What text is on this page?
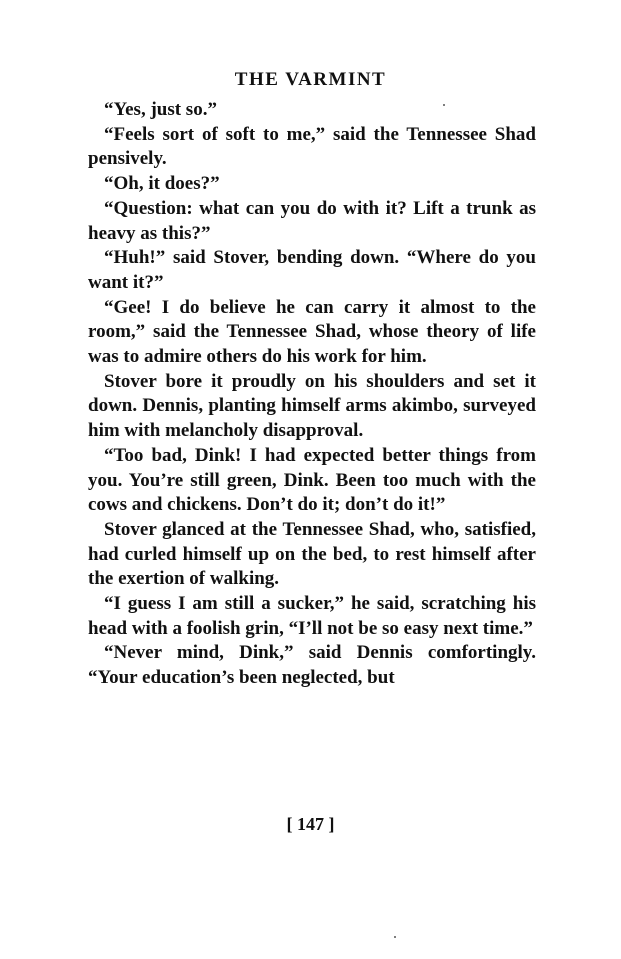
THE VARMINT

“Yes, just so.”

“Feels sort of soft to me,” said the Tennessee Shad pensively.

“Oh, it does?”

“Question: what can you do with it? Lift a trunk as heavy as this?”

“Huh!” said Stover, bending down. “Where do you want it?”

“Gee! I do believe he can carry it almost to the room,” said the Tennessee Shad, whose theory of life was to admire others do his work for him.

Stover bore it proudly on his shoulders and set it down. Dennis, planting himself arms akimbo, surveyed him with melancholy disapproval.

“Too bad, Dink! I had expected better things from you. You’re still green, Dink. Been too much with the cows and chickens. Don’t do it; don’t do it!”

Stover glanced at the Tennessee Shad, who, satisfied, had curled himself up on the bed, to rest himself after the exertion of walking.

“I guess I am still a sucker,” he said, scratching his head with a foolish grin, “I’ll not be so easy next time.”

“Never mind, Dink,” said Dennis comfortingly. “Your education’s been neglected, but

[ 147 ]
